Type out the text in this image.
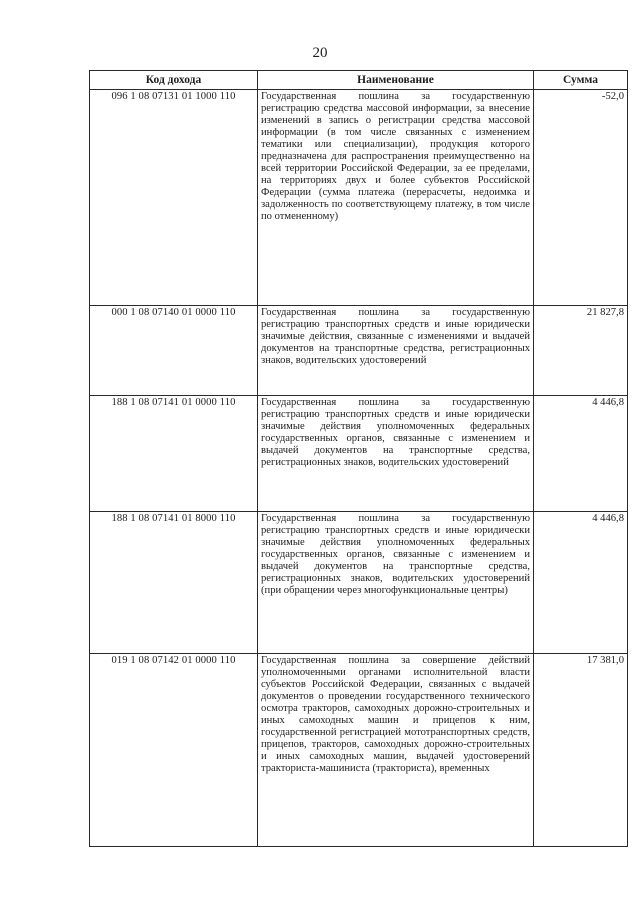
20
Код дохода	Наименование	Сумма
096 1 08 07131 01 1000 110	Государственная пошлина за государственную регистрацию средства массовой информации, за внесение изменений в запись о регистрации средства массовой информации (в том числе связанных с изменением тематики или специализации), продукция которого предназначена для распространения преимущественно на всей территории Российской Федерации, за ее пределами, на территориях двух и более субъектов Российской Федерации (сумма платежа (перерасчеты, недоимка и задолженность по соответствующему платежу, в том числе по отмененному)	-52,0
000 1 08 07140 01 0000 110	Государственная пошлина за государственную регистрацию транспортных средств и иные юридически значимые действия, связанные с изменениями и выдачей документов на транспортные средства, регистрационных знаков, водительских удостоверений	21 827,8
188 1 08 07141 01 0000 110	Государственная пошлина за государственную регистрацию транспортных средств и иные юридически значимые действия уполномоченных федеральных государственных органов, связанные с изменением и выдачей документов на транспортные средства, регистрационных знаков, водительских удостоверений	4 446,8
188 1 08 07141 01 8000 110	Государственная пошлина за государственную регистрацию транспортных средств и иные юридически значимые действия уполномоченных федеральных государственных органов, связанные с изменением и выдачей документов на транспортные средства, регистрационных знаков, водительских удостоверений (при обращении через многофункциональные центры)	4 446,8
019 1 08 07142 01 0000 110	Государственная пошлина за совершение действий уполномоченными органами исполнительной власти субъектов Российской Федерации, связанных с выдачей документов о проведении государственного технического осмотра тракторов, самоходных дорожно-строительных и иных самоходных машин и прицепов к ним, государственной регистрацией мототранспортных средств, прицепов, тракторов, самоходных дорожно-строительных и иных самоходных машин, выдачей удостоверений тракториста-машиниста (тракториста), временных	17 381,0
